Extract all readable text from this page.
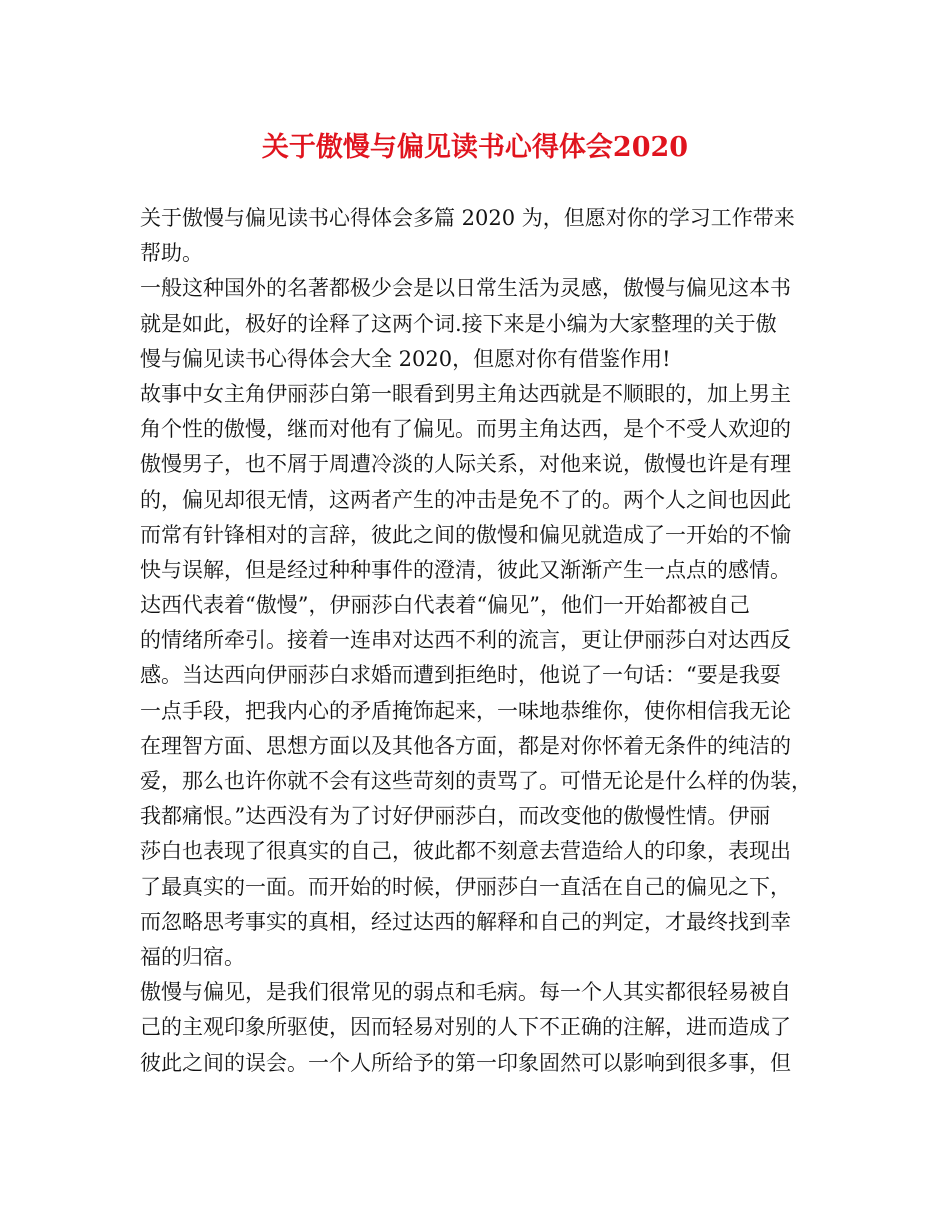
关于傲慢与偏见读书心得体会2020

关于傲慢与偏见读书心得体会多篇 2020 为，但愿对你的学习工作带来

帮助。

一般这种国外的名著都极少会是以日常生活为灵感，傲慢与偏见这本书

就是如此，极好的诠释了这两个词.接下来是小编为大家整理的关于傲

慢与偏见读书心得体会大全 2020，但愿对你有借鉴作用!

故事中女主角伊丽莎白第一眼看到男主角达西就是不顺眼的，加上男主

角个性的傲慢，继而对他有了偏见。而男主角达西，是个不受人欢迎的

傲慢男子，也不屑于周遭冷淡的人际关系，对他来说，傲慢也许是有理

的，偏见却很无情，这两者产生的冲击是免不了的。两个人之间也因此

而常有针锋相对的言辞，彼此之间的傲慢和偏见就造成了一开始的不愉

快与误解，但是经过种种事件的澄清，彼此又渐渐产生一点点的感情。

达西代表着“傲慢”，伊丽莎白代表着“偏见”，他们一开始都被自己

的情绪所牵引。接着一连串对达西不利的流言，更让伊丽莎白对达西反

感。当达西向伊丽莎白求婚而遭到拒绝时，他说了一句话：“要是我耍

一点手段，把我内心的矛盾掩饰起来，一味地恭维你，使你相信我无论

在理智方面、思想方面以及其他各方面，都是对你怀着无条件的纯洁的

爱，那么也许你就不会有这些苛刻的责骂了。可惜无论是什么样的伪装，

我都痛恨。”达西没有为了讨好伊丽莎白，而改变他的傲慢性情。伊丽

莎白也表现了很真实的自己，彼此都不刻意去营造给人的印象，表现出

了最真实的一面。而开始的时候，伊丽莎白一直活在自己的偏见之下，

而忽略思考事实的真相，经过达西的解释和自己的判定，才最终找到幸

福的归宿。

傲慢与偏见，是我们很常见的弱点和毛病。每一个人其实都很轻易被自

己的主观印象所驱使，因而轻易对别的人下不正确的注解，进而造成了

彼此之间的误会。一个人所给予的第一印象固然可以影响到很多事，但
